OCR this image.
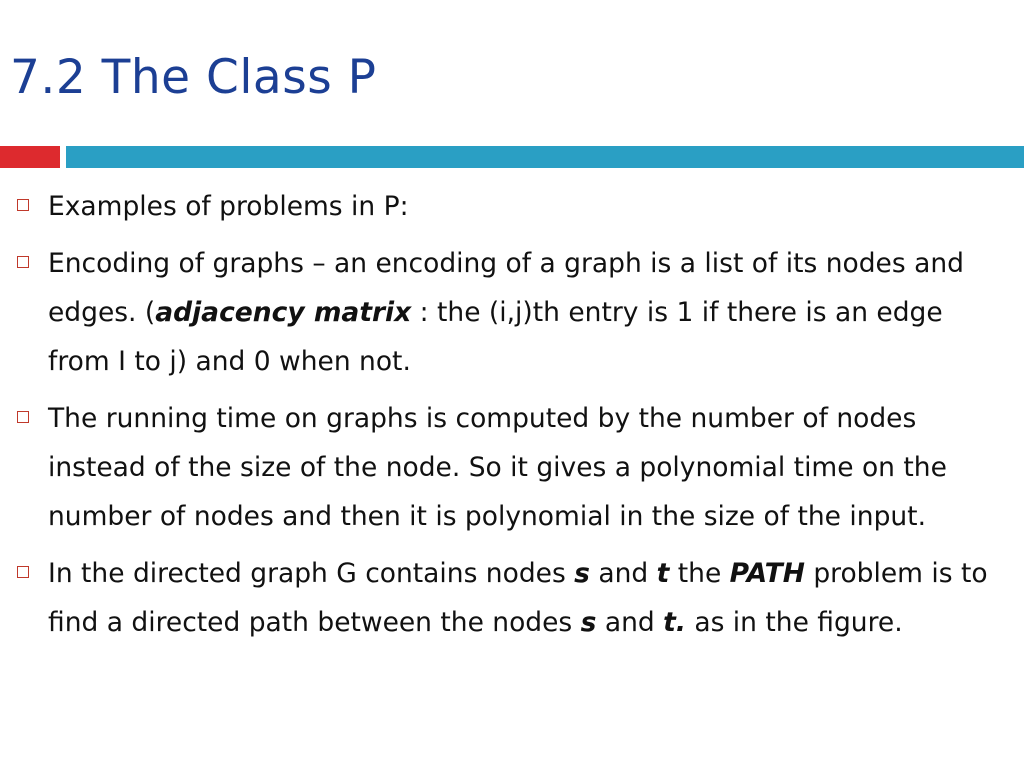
7.2 The Class P
Examples of problems in P:
Encoding of graphs – an encoding of a graph is a list of its nodes and edges. (adjacency matrix : the (i,j)th entry is 1 if there is an edge from I to j) and 0 when not.
The running time on graphs is computed by the number of nodes instead of the size of the node. So it gives a polynomial time on the number of nodes and then it is polynomial in the size of the input.
In the directed graph G contains nodes s and t the PATH problem is to find a directed path between the nodes s and t. as in the figure.
